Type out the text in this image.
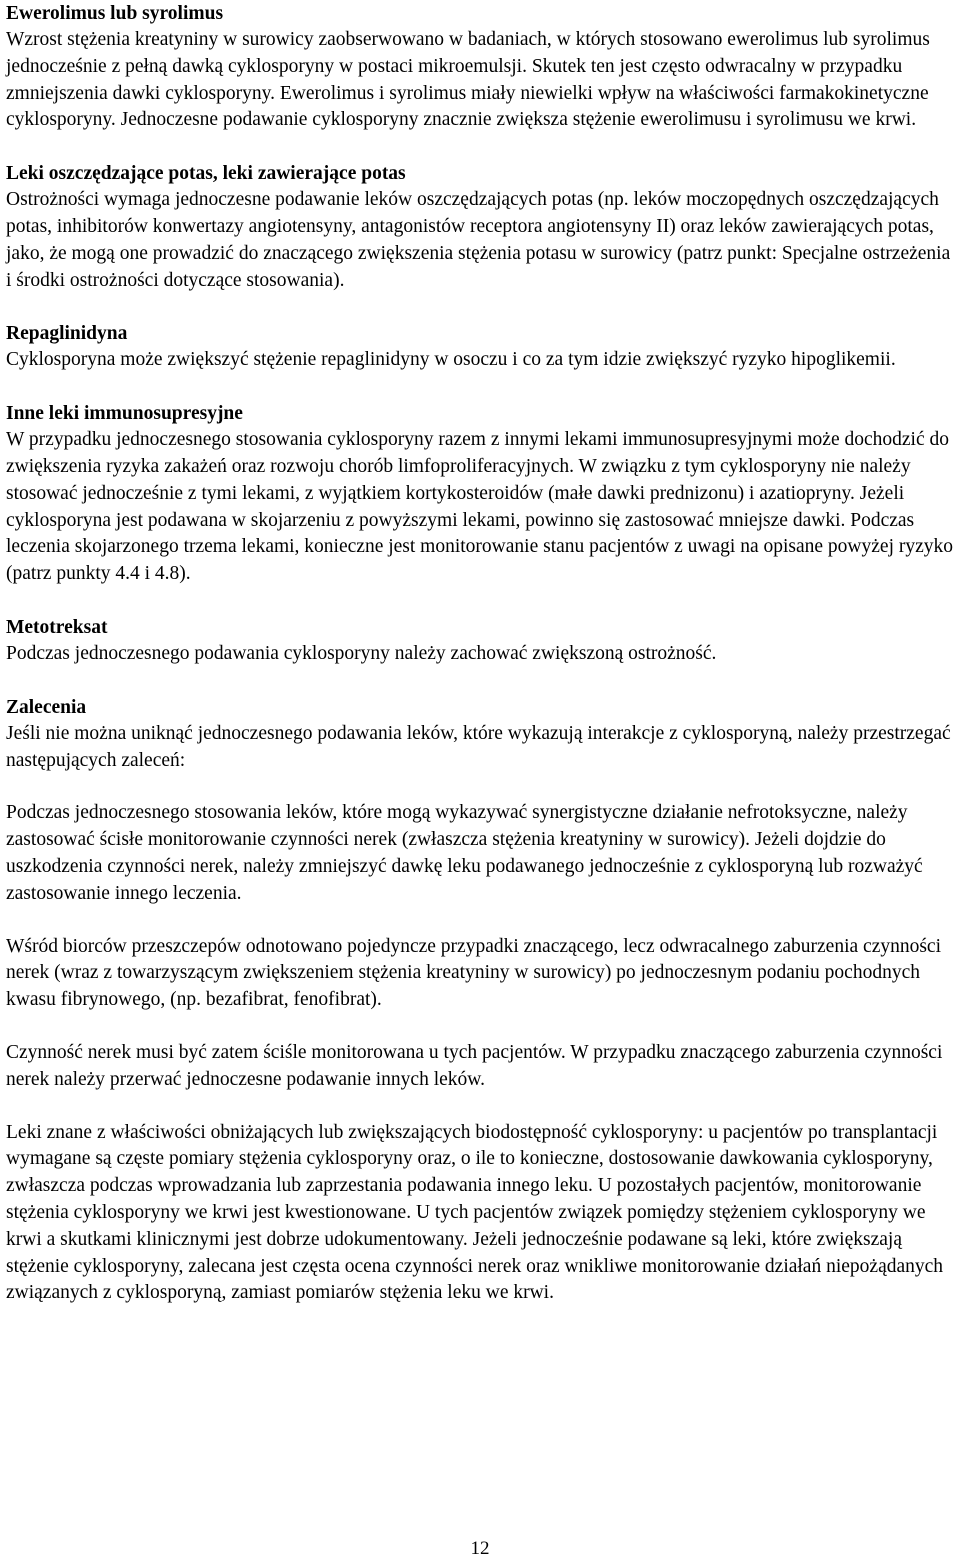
Ewerolimus lub syrolimus

Wzrost stężenia kreatyniny w surowicy zaobserwowano w badaniach, w których stosowano ewerolimus lub syrolimus jednocześnie z pełną dawką cyklosporyny w postaci mikroemulsji. Skutek ten jest często odwracalny w przypadku zmniejszenia dawki cyklosporyny. Ewerolimus i syrolimus miały niewielki wpływ na właściwości farmakokinetyczne cyklosporyny. Jednoczesne podawanie cyklosporyny znacznie zwiększa stężenie ewerolimusu i syrolimusu we krwi.

Leki oszczędzające potas, leki zawierające potas

Ostrożności wymaga jednoczesne podawanie leków oszczędzających potas (np. leków moczopędnych oszczędzających potas, inhibitorów konwertazy angiotensyny, antagonistów receptora angiotensyny II) oraz leków zawierających potas, jako, że mogą one prowadzić do znaczącego zwiększenia stężenia potasu w surowicy (patrz punkt: Specjalne ostrzeżenia i środki ostrożności dotyczące stosowania).

Repaglinidyna

Cyklosporyna może zwiększyć stężenie repaglinidyny w osoczu i co za tym idzie zwiększyć ryzyko hipoglikemii.

Inne leki immunosupresyjne

W przypadku jednoczesnego stosowania cyklosporyny razem z innymi lekami immunosupresyjnymi może dochodzić do zwiększenia ryzyka zakażeń oraz rozwoju chorób limfoproliferacyjnych. W związku z tym cyklosporyny nie należy stosować jednocześnie z tymi lekami, z wyjątkiem kortykosteroidów (małe dawki prednizonu) i azatiopryny. Jeżeli cyklosporyna jest podawana w skojarzeniu z powyższymi lekami, powinno się zastosować mniejsze dawki. Podczas leczenia skojarzonego trzema lekami, konieczne jest monitorowanie stanu pacjentów z uwagi na opisane powyżej ryzyko (patrz punkty 4.4 i 4.8).

Metotreksat

Podczas jednoczesnego podawania cyklosporyny należy zachować zwiększoną ostrożność.

Zalecenia

Jeśli nie można uniknąć jednoczesnego podawania leków, które wykazują interakcje z cyklosporyną, należy przestrzegać następujących zaleceń:

Podczas jednoczesnego stosowania leków, które mogą wykazywać synergistyczne działanie nefrotoksyczne, należy zastosować ścisłe monitorowanie czynności nerek (zwłaszcza stężenia kreatyniny w surowicy). Jeżeli dojdzie do uszkodzenia czynności nerek, należy zmniejszyć dawkę leku podawanego jednocześnie z cyklosporyną lub rozważyć zastosowanie innego leczenia.

Wśród biorców przeszczepów odnotowano pojedyncze przypadki znaczącego, lecz odwracalnego zaburzenia czynności nerek (wraz z towarzyszącym zwiększeniem stężenia kreatyniny w surowicy) po jednoczesnym podaniu pochodnych kwasu fibrynowego, (np. bezafibrat, fenofibrat).

Czynność nerek musi być zatem ściśle monitorowana u tych pacjentów. W przypadku znaczącego zaburzenia czynności nerek należy przerwać jednoczesne podawanie innych leków.

Leki znane z właściwości obniżających lub zwiększających biodostępność cyklosporyny: u pacjentów po transplantacji wymagane są częste pomiary stężenia cyklosporyny oraz, o ile to konieczne, dostosowanie dawkowania cyklosporyny, zwłaszcza podczas wprowadzania lub zaprzestania podawania innego leku. U pozostałych pacjentów, monitorowanie stężenia cyklosporyny we krwi jest kwestionowane. U tych pacjentów związek pomiędzy stężeniem cyklosporyny we krwi a skutkami klinicznymi jest dobrze udokumentowany. Jeżeli jednocześnie podawane są leki, które zwiększają stężenie cyklosporyny, zalecana jest częsta ocena czynności nerek oraz wnikliwe monitorowanie działań niepożądanych związanych z cyklosporyną, zamiast pomiarów stężenia leku we krwi.

12
